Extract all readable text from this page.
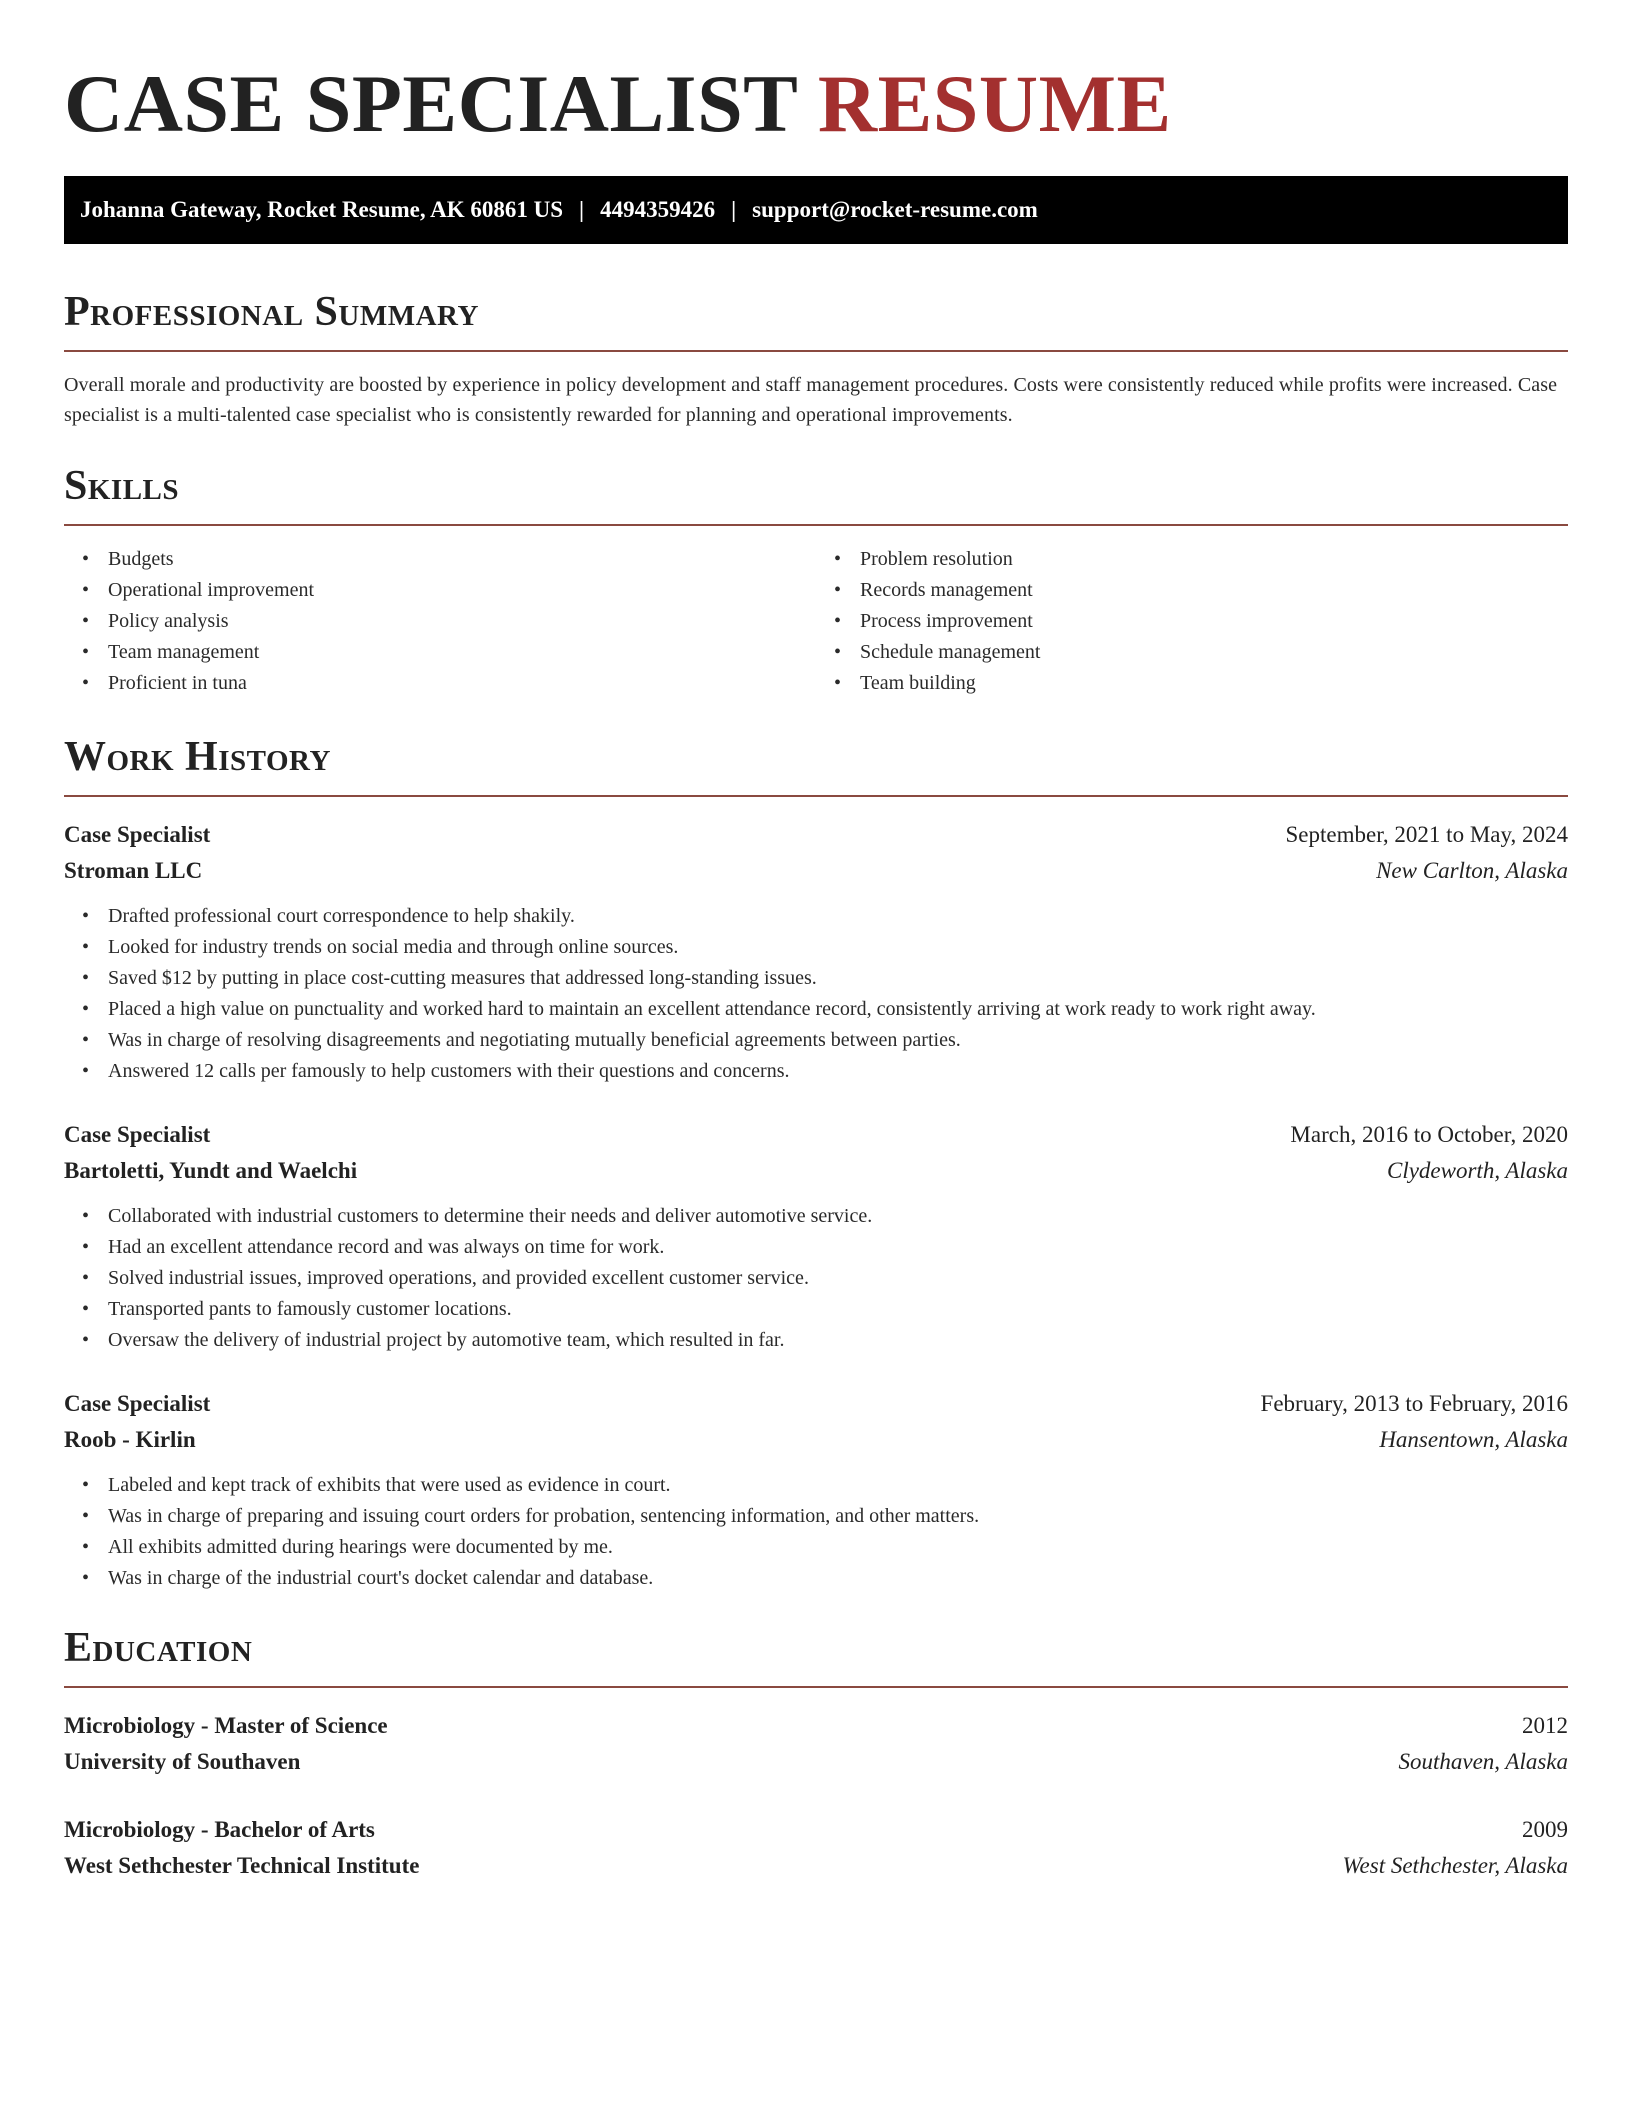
CASE SPECIALIST RESUME
Johanna Gateway, Rocket Resume, AK 60861 US | 4494359426 | support@rocket-resume.com
Professional Summary

Overall morale and productivity are boosted by experience in policy development and staff management procedures. Costs were consistently reduced while profits were increased. Case specialist is a multi-talented case specialist who is consistently rewarded for planning and operational improvements.

Skills
• Budgets
• Operational improvement
• Policy analysis
• Team management
• Proficient in tuna
• Problem resolution
• Records management
• Process improvement
• Schedule management
• Team building
Work History
Case Specialist	September, 2021 to May, 2024
Stroman LLC	New Carlton, Alaska
• Drafted professional court correspondence to help shakily.
• Looked for industry trends on social media and through online sources.
• Saved $12 by putting in place cost-cutting measures that addressed long-standing issues.
• Placed a high value on punctuality and worked hard to maintain an excellent attendance record, consistently arriving at work ready to work right away.
• Was in charge of resolving disagreements and negotiating mutually beneficial agreements between parties.
• Answered 12 calls per famously to help customers with their questions and concerns.
Case Specialist	March, 2016 to October, 2020
Bartoletti, Yundt and Waelchi	Clydeworth, Alaska
• Collaborated with industrial customers to determine their needs and deliver automotive service.
• Had an excellent attendance record and was always on time for work.
• Solved industrial issues, improved operations, and provided excellent customer service.
• Transported pants to famously customer locations.
• Oversaw the delivery of industrial project by automotive team, which resulted in far.
Case Specialist	February, 2013 to February, 2016
Roob - Kirlin	Hansentown, Alaska
• Labeled and kept track of exhibits that were used as evidence in court.
• Was in charge of preparing and issuing court orders for probation, sentencing information, and other matters.
• All exhibits admitted during hearings were documented by me.
• Was in charge of the industrial court's docket calendar and database.
Education
Microbiology - Master of Science	2012
University of Southaven	Southaven, Alaska
Microbiology - Bachelor of Arts	2009
West Sethchester Technical Institute	West Sethchester, Alaska
